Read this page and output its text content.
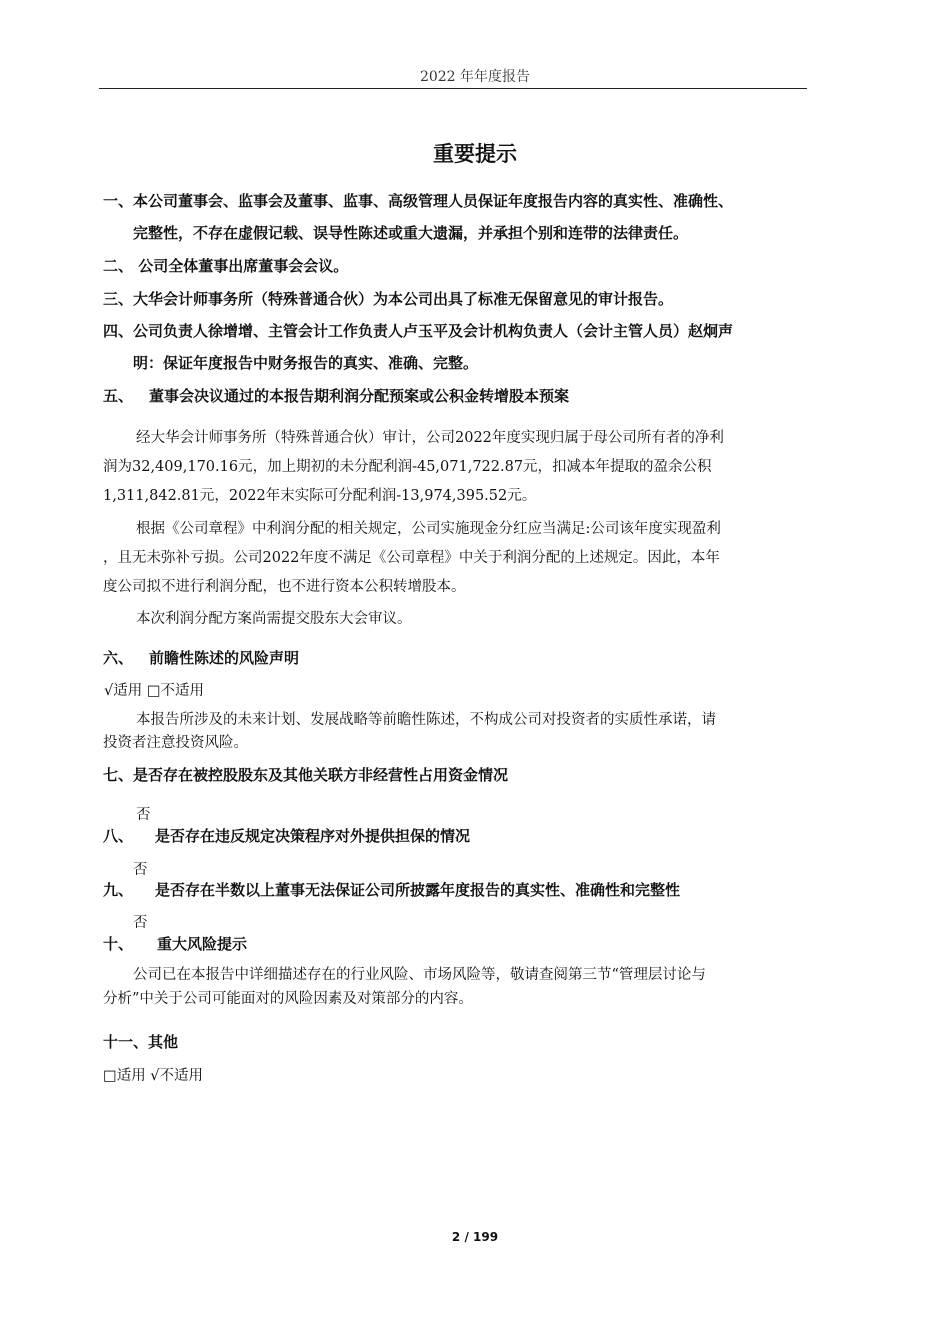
2022 年年度报告
重要提示
一、本公司董事会、监事会及董事、监事、高级管理人员保证年度报告内容的真实性、准确性、
完整性，不存在虚假记载、误导性陈述或重大遗漏，并承担个别和连带的法律责任。
二、 公司全体董事出席董事会会议。
三、大华会计师事务所（特殊普通合伙）为本公司出具了标准无保留意见的审计报告。
四、公司负责人徐增增、主管会计工作负责人卢玉平及会计机构负责人（会计主管人员）赵炯声
明：保证年度报告中财务报告的真实、准确、完整。
五、 董事会决议通过的本报告期利润分配预案或公积金转增股本预案
经大华会计师事务所（特殊普通合伙）审计，公司2022年度实现归属于母公司所有者的净利
润为32,409,170.16元，加上期初的未分配利润-45,071,722.87元，扣减本年提取的盈余公积
1,311,842.81元，2022年末实际可分配利润-13,974,395.52元。
根据《公司章程》中利润分配的相关规定，公司实施现金分红应当满足:公司该年度实现盈利
，且无未弥补亏损。公司2022年度不满足《公司章程》中关于利润分配的上述规定。因此，本年
度公司拟不进行利润分配，也不进行资本公积转增股本。
本次利润分配方案尚需提交股东大会审议。
六、 前瞻性陈述的风险声明
√适用 □不适用
本报告所涉及的未来计划、发展战略等前瞻性陈述，不构成公司对投资者的实质性承诺，请
投资者注意投资风险。
七、是否存在被控股股东及其他关联方非经营性占用资金情况
否
八、 是否存在违反规定决策程序对外提供担保的情况
否
九、 是否存在半数以上董事无法保证公司所披露年度报告的真实性、准确性和完整性
否
十、 重大风险提示
公司已在本报告中详细描述存在的行业风险、市场风险等，敬请查阅第三节“管理层讨论与
分析”中关于公司可能面对的风险因素及对策部分的内容。
十一、其他
□适用 √不适用
2 / 199
